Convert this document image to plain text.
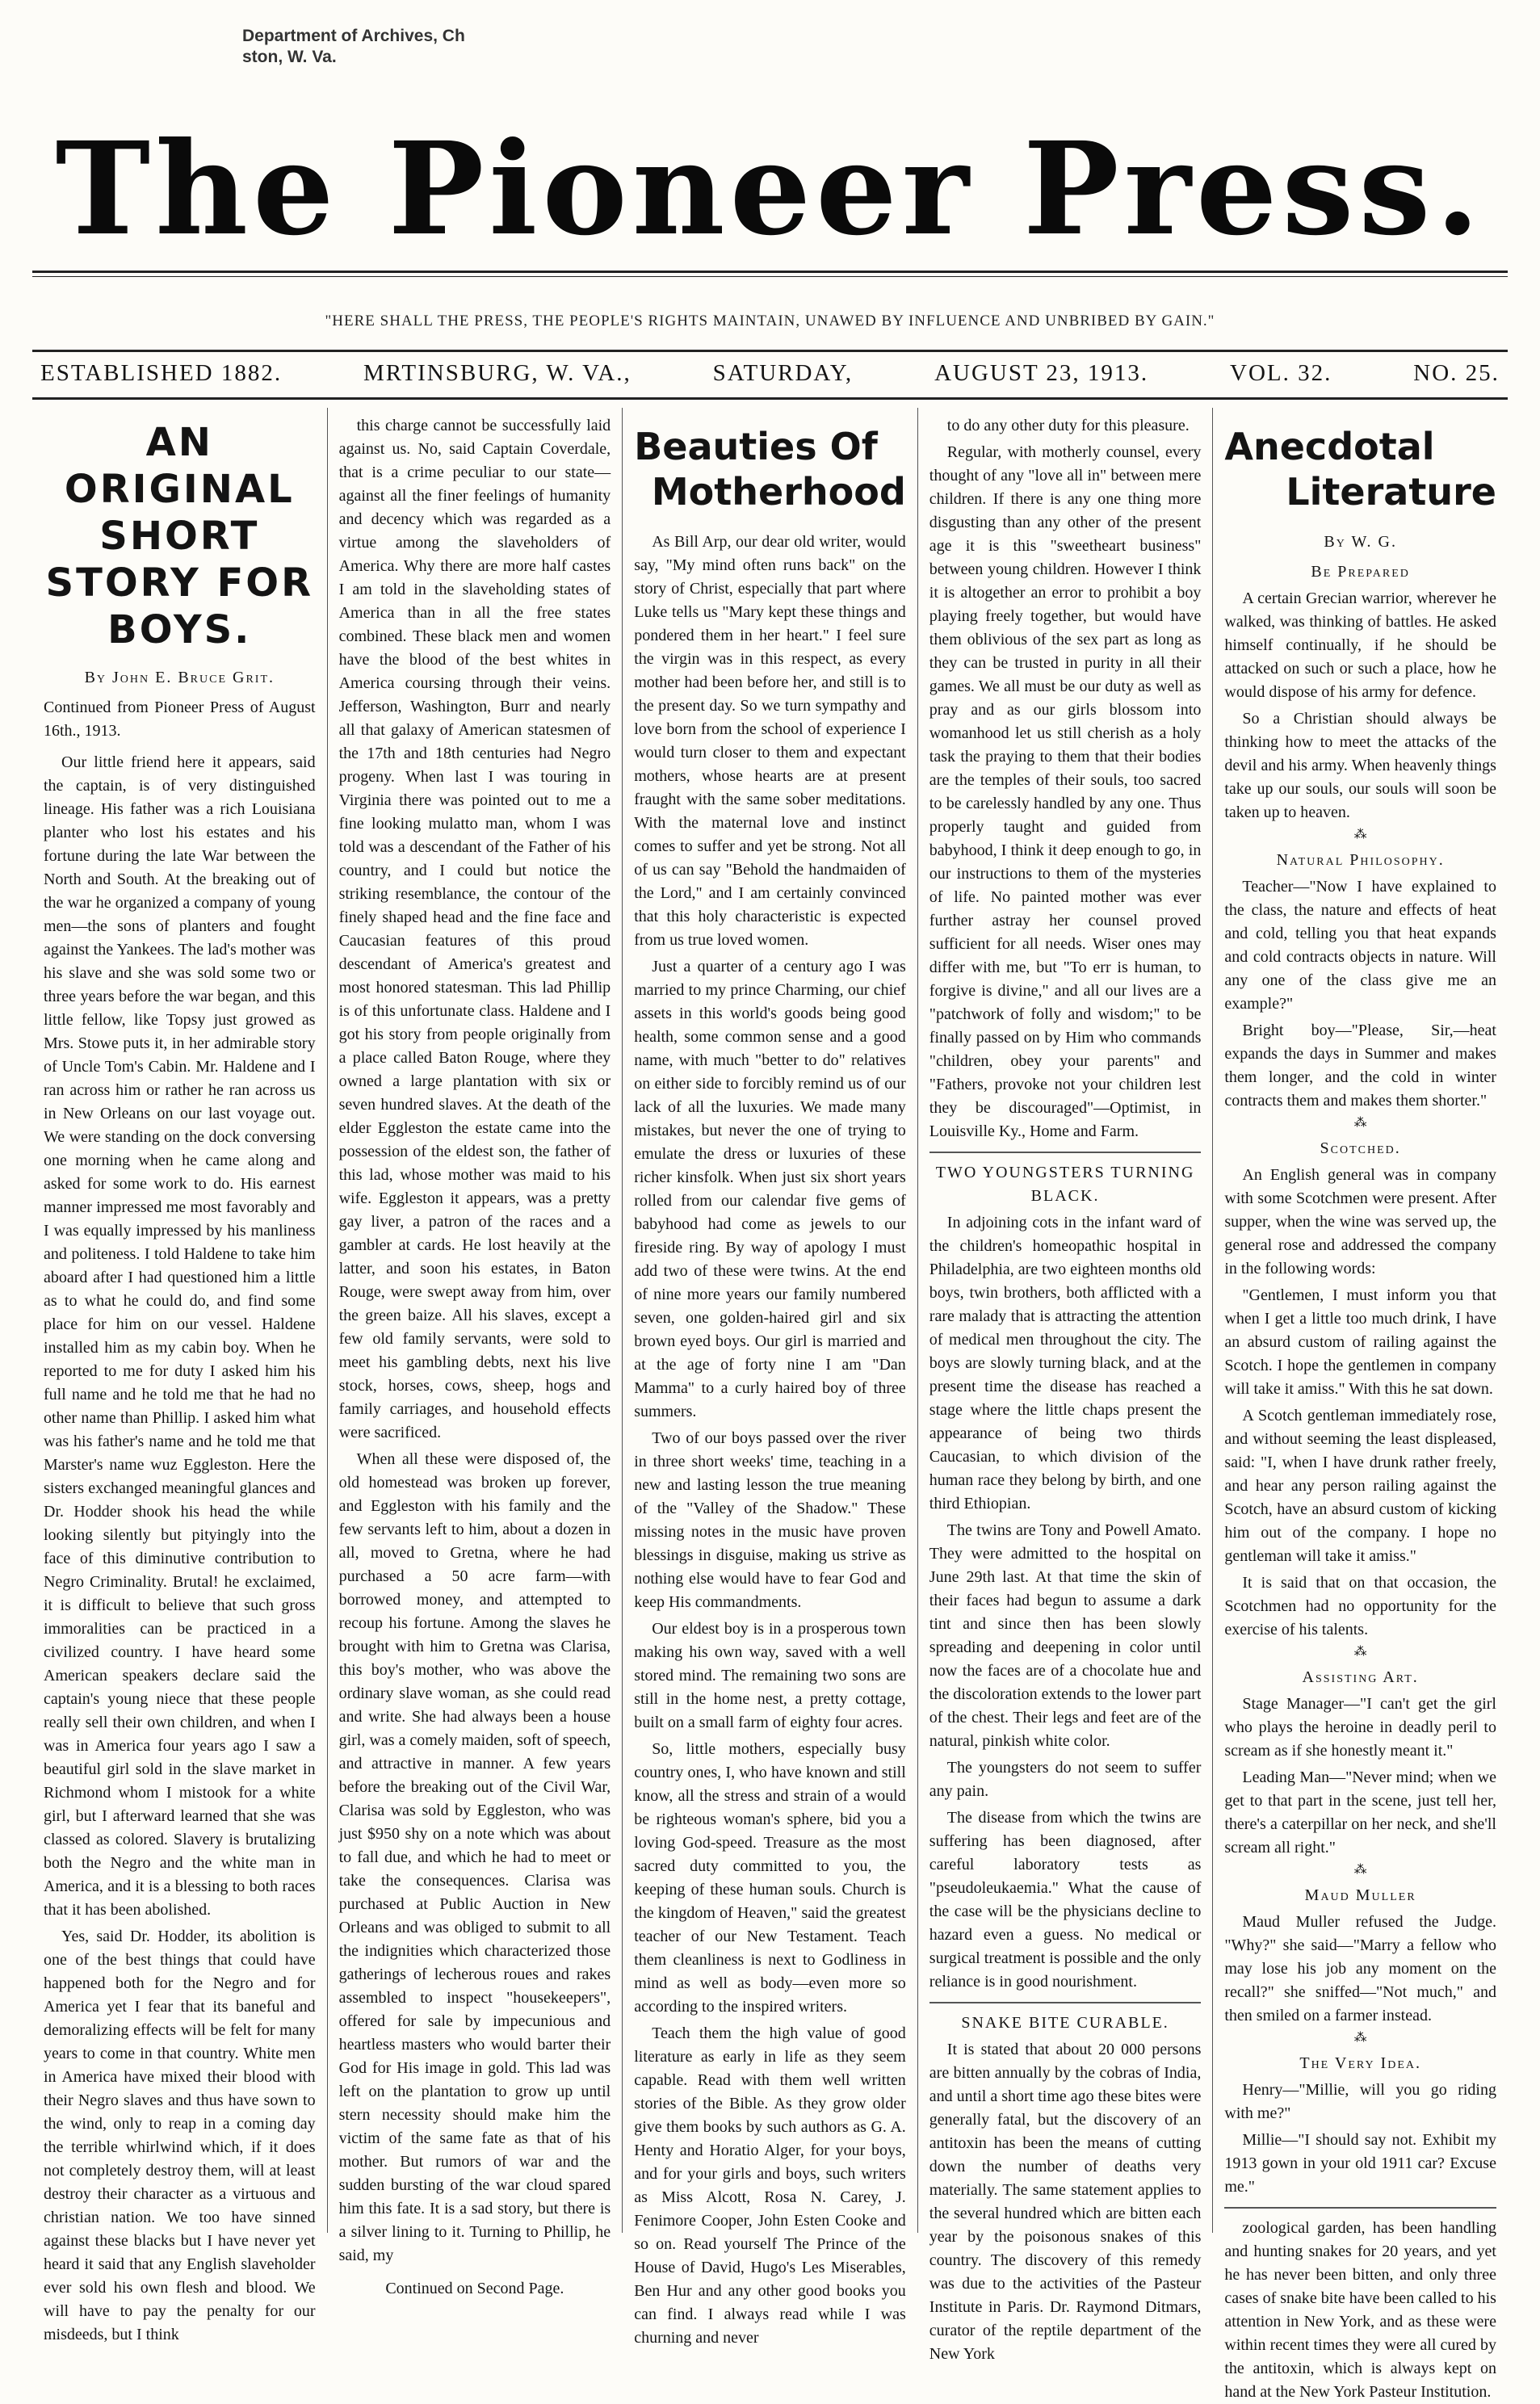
Department of Archives, Ch
ston, W. Va.
The Pioneer Press.
"HERE SHALL THE PRESS, THE PEOPLE'S RIGHTS MAINTAIN, UNAWED BY INFLUENCE AND UNBRIBED BY GAIN."
ESTABLISHED 1882.	MRTINSBURG, W. VA.,	SATURDAY,	AUGUST 23, 1913.	VOL. 32.	NO. 25.
AN ORIGINAL SHORT STORY FOR BOYS.
By John E. Bruce Grit.
Continued from Pioneer Press of August 16th., 1913.

Our little friend here it appears, said the captain, is of very distinguished lineage. His father was a rich Louisiana planter who lost his estates and his fortune during the late War between the North and South. At the breaking out of the war he organized a company of young men—the sons of planters and fought against the Yankees. The lad's mother was his slave and she was sold some two or three years before the war began, and this little fellow, like Topsy just growed as Mrs. Stowe puts it, in her admirable story of Uncle Tom's Cabin. Mr. Haldene and I ran across him or rather he ran across us in New Orleans on our last voyage out. We were standing on the dock conversing one morning when he came along and asked for some work to do. His earnest manner impressed me most favorably and I was equally impressed by his manliness and politeness. I told Haldene to take him aboard after I had questioned him a little as to what he could do, and find some place for him on our vessel. Haldene installed him as my cabin boy. When he reported to me for duty I asked him his full name and he told me that he had no other name than Phillip. I asked him what was his father's name and he told me that Marster's name wuz Eggleston. Here the sisters exchanged meaningful glances and Dr. Hodder shook his head the while looking silently but pityingly into the face of this diminutive contribution to Negro Criminality. Brutal! he exclaimed, it is difficult to believe that such gross immoralities can be practiced in a civilized country. I have heard some American speakers declare said the captain's young niece that these people really sell their own children, and when I was in America four years ago I saw a beautiful girl sold in the slave market in Richmond whom I mistook for a white girl, but I afterward learned that she was classed as colored. Slavery is brutalizing both the Negro and the white man in America, and it is a blessing to both races that it has been abolished.

Yes, said Dr. Hodder, its abolition is one of the best things that could have happened both for the Negro and for America yet I fear that its baneful and demoralizing effects will be felt for many years to come in that country. White men in America have mixed their blood with their Negro slaves and thus have sown to the wind, only to reap in a coming day the terrible whirlwind which, if it does not completely destroy them, will at least destroy their character as a virtuous and christian nation. We too have sinned against these blacks but I have never yet heard it said that any English slaveholder ever sold his own flesh and blood. We will have to pay the penalty for our misdeeds, but I think

this charge cannot be successfully laid against us. No, said Captain Coverdale, that is a crime peculiar to our state—against all the finer feelings of humanity and decency which was regarded as a virtue among the slaveholders of America. Why there are more half castes I am told in the slaveholding states of America than in all the free states combined. These black men and women have the blood of the best whites in America coursing through their veins. Jefferson, Washington, Burr and nearly all that galaxy of American statesmen of the 17th and 18th centuries had Negro progeny. When last I was touring in Virginia there was pointed out to me a fine looking mulatto man, whom I was told was a descendant of the Father of his country, and I could but notice the striking resemblance, the contour of the finely shaped head and the fine face and Caucasian features of this proud descendant of America's greatest and most honored statesman. This lad Phillip is of this unfortunate class. Haldene and I got his story from people originally from a place called Baton Rouge, where they owned a large plantation with six or seven hundred slaves. At the death of the elder Eggleston the estate came into the possession of the eldest son, the father of this lad, whose mother was maid to his wife. Eggleston it appears, was a pretty gay liver, a patron of the races and a gambler at cards. He lost heavily at the latter, and soon his estates, in Baton Rouge, were swept away from him, over the green baize. All his slaves, except a few old family servants, were sold to meet his gambling debts, next his live stock, horses, cows, sheep, hogs and family carriages, and household effects were sacrificed.

When all these were disposed of, the old homestead was broken up forever, and Eggleston with his family and the few servants left to him, about a dozen in all, moved to Gretna, where he had purchased a 50 acre farm—with borrowed money, and attempted to recoup his fortune. Among the slaves he brought with him to Gretna was Clarisa, this boy's mother, who was above the ordinary slave woman, as she could read and write. She had always been a house girl, was a comely maiden, soft of speech, and attractive in manner. A few years before the breaking out of the Civil War, Clarisa was sold by Eggleston, who was just $950 shy on a note which was about to fall due, and which he had to meet or take the consequences. Clarisa was purchased at Public Auction in New Orleans and was obliged to submit to all the indignities which characterized those gatherings of lecherous roues and rakes assembled to inspect "housekeepers", offered for sale by impecunious and heartless masters who would barter their God for His image in gold. This lad was left on the plantation to grow up until stern necessity should make him the victim of the same fate as that of his mother. But rumors of war and the sudden bursting of the war cloud spared him this fate. It is a sad story, but there is a silver lining to it. Turning to Phillip, he said, my

Continued on Second Page.
Beauties Of
Motherhood

As Bill Arp, our dear old writer, would say, "My mind often runs back" on the story of Christ, especially that part where Luke tells us "Mary kept these things and pondered them in her heart." I feel sure the virgin was in this respect, as every mother had been before her, and still is to the present day. So we turn sympathy and love born from the school of experience I would turn closer to them and expectant mothers, whose hearts are at present fraught with the same sober meditations. With the maternal love and instinct comes to suffer and yet be strong. Not all of us can say "Behold the handmaiden of the Lord," and I am certainly convinced that this holy characteristic is expected from us true loved women.

Just a quarter of a century ago I was married to my prince Charming, our chief assets in this world's goods being good health, some common sense and a good name, with much "better to do" relatives on either side to forcibly remind us of our lack of all the luxuries. We made many mistakes, but never the one of trying to emulate the dress or luxuries of these richer kinsfolk. When just six short years rolled from our calendar five gems of babyhood had come as jewels to our fireside ring. By way of apology I must add two of these were twins. At the end of nine more years our family numbered seven, one golden-haired girl and six brown eyed boys. Our girl is married and at the age of forty nine I am "Dan Mamma" to a curly haired boy of three summers.

Two of our boys passed over the river in three short weeks' time, teaching in a new and lasting lesson the true meaning of the "Valley of the Shadow." These missing notes in the music have proven blessings in disguise, making us strive as nothing else would have to fear God and keep His commandments.

Our eldest boy is in a prosperous town making his own way, saved with a well stored mind. The remaining two sons are still in the home nest, a pretty cottage, built on a small farm of eighty four acres.

So, little mothers, especially busy country ones, I, who have known and still know, all the stress and strain of a would be righteous woman's sphere, bid you a loving God-speed. Treasure as the most sacred duty committed to you, the keeping of these human souls. Church is the kingdom of Heaven," said the greatest teacher of our New Testament. Teach them cleanliness is next to Godliness in mind as well as body—even more so according to the inspired writers.

Teach them the high value of good literature as early in life as they seem capable. Read with them well written stories of the Bible. As they grow older give them books by such authors as G. A. Henty and Horatio Alger, for your boys, and for your girls and boys, such writers as Miss Alcott, Rosa N. Carey, J. Fenimore Cooper, John Esten Cooke and so on. Read yourself The Prince of the House of David, Hugo's Les Miserables, Ben Hur and any other good books you can find. I always read while I was churning and never

to do any other duty for this pleasure.

Regular, with motherly counsel, every thought of any "love all in" between mere children. If there is any one thing more disgusting than any other of the present age it is this "sweetheart business" between young children. However I think it is altogether an error to prohibit a boy playing freely together, but would have them oblivious of the sex part as long as they can be trusted in purity in all their games. We all must be our duty as well as pray and as our girls blossom into womanhood let us still cherish as a holy task the praying to them that their bodies are the temples of their souls, too sacred to be carelessly handled by any one. Thus properly taught and guided from babyhood, I think it deep enough to go, in our instructions to them of the mysteries of life. No painted mother was ever further astray her counsel proved sufficient for all needs. Wiser ones may differ with me, but "To err is human, to forgive is divine," and all our lives are a "patchwork of folly and wisdom;" to be finally passed on by Him who commands "children, obey your parents" and "Fathers, provoke not your children lest they be discouraged"—Optimist, in Louisville Ky., Home and Farm.

TWO YOUNGSTERS TURNING BLACK.

In adjoining cots in the infant ward of the children's homeopathic hospital in Philadelphia, are two eighteen months old boys, twin brothers, both afflicted with a rare malady that is attracting the attention of medical men throughout the city. The boys are slowly turning black, and at the present time the disease has reached a stage where the little chaps present the appearance of being two thirds Caucasian, to which division of the human race they belong by birth, and one third Ethiopian.

The twins are Tony and Powell Amato. They were admitted to the hospital on June 29th last. At that time the skin of their faces had begun to assume a dark tint and since then has been slowly spreading and deepening in color until now the faces are of a chocolate hue and the discoloration extends to the lower part of the chest. Their legs and feet are of the natural, pinkish white color.

The youngsters do not seem to suffer any pain.

The disease from which the twins are suffering has been diagnosed, after careful laboratory tests as "pseudoleukaemia." What the cause of the case will be the physicians decline to hazard even a guess. No medical or surgical treatment is possible and the only reliance is in good nourishment.

SNAKE BITE CURABLE.

It is stated that about 20 000 persons are bitten annually by the cobras of India, and until a short time ago these bites were generally fatal, but the discovery of an antitoxin has been the means of cutting down the number of deaths very materially. The same statement applies to the several hundred which are bitten each year by the poisonous snakes of this country. The discovery of this remedy was due to the activities of the Pasteur Institute in Paris. Dr. Raymond Ditmars, curator of the reptile department of the New York

Anecdotal
Literature
By W. G.
Be Prepared

A certain Grecian warrior, wherever he walked, was thinking of battles. He asked himself continually, if he should be attacked on such or such a place, how he would dispose of his army for defence.

So a Christian should always be thinking how to meet the attacks of the devil and his army. When heavenly things take up our souls, our souls will soon be taken up to heaven.

⁂
Natural Philosophy.

Teacher—"Now I have explained to the class, the nature and effects of heat and cold, telling you that heat expands and cold contracts objects in nature. Will any one of the class give me an example?"

Bright boy—"Please, Sir,—heat expands the days in Summer and makes them longer, and the cold in winter contracts them and makes them shorter."

⁂
Scotched.

An English general was in company with some Scotchmen were present. After supper, when the wine was served up, the general rose and addressed the company in the following words:

"Gentlemen, I must inform you that when I get a little too much drink, I have an absurd custom of railing against the Scotch. I hope the gentlemen in company will take it amiss." With this he sat down.

A Scotch gentleman immediately rose, and without seeming the least displeased, said: "I, when I have drunk rather freely, and hear any person railing against the Scotch, have an absurd custom of kicking him out of the company. I hope no gentleman will take it amiss."

It is said that on that occasion, the Scotchmen had no opportunity for the exercise of his talents.

⁂
Assisting Art.

Stage Manager—"I can't get the girl who plays the heroine in deadly peril to scream as if she honestly meant it."

Leading Man—"Never mind; when we get to that part in the scene, just tell her, there's a caterpillar on her neck, and she'll scream all right."

⁂
Maud Muller

Maud Muller refused the Judge. "Why?" she said—"Marry a fellow who may lose his job any moment on the recall?" she sniffed—"Not much," and then smiled on a farmer instead.

⁂
The Very Idea.

Henry—"Millie, will you go riding with me?"

Millie—"I should say not. Exhibit my 1913 gown in your old 1911 car? Excuse me."

zoological garden, has been handling and hunting snakes for 20 years, and yet he has never been bitten, and only three cases of snake bite have been called to his attention in New York, and as these were within recent times they were all cured by the antitoxin, which is always kept on hand at the New York Pasteur Institution.
